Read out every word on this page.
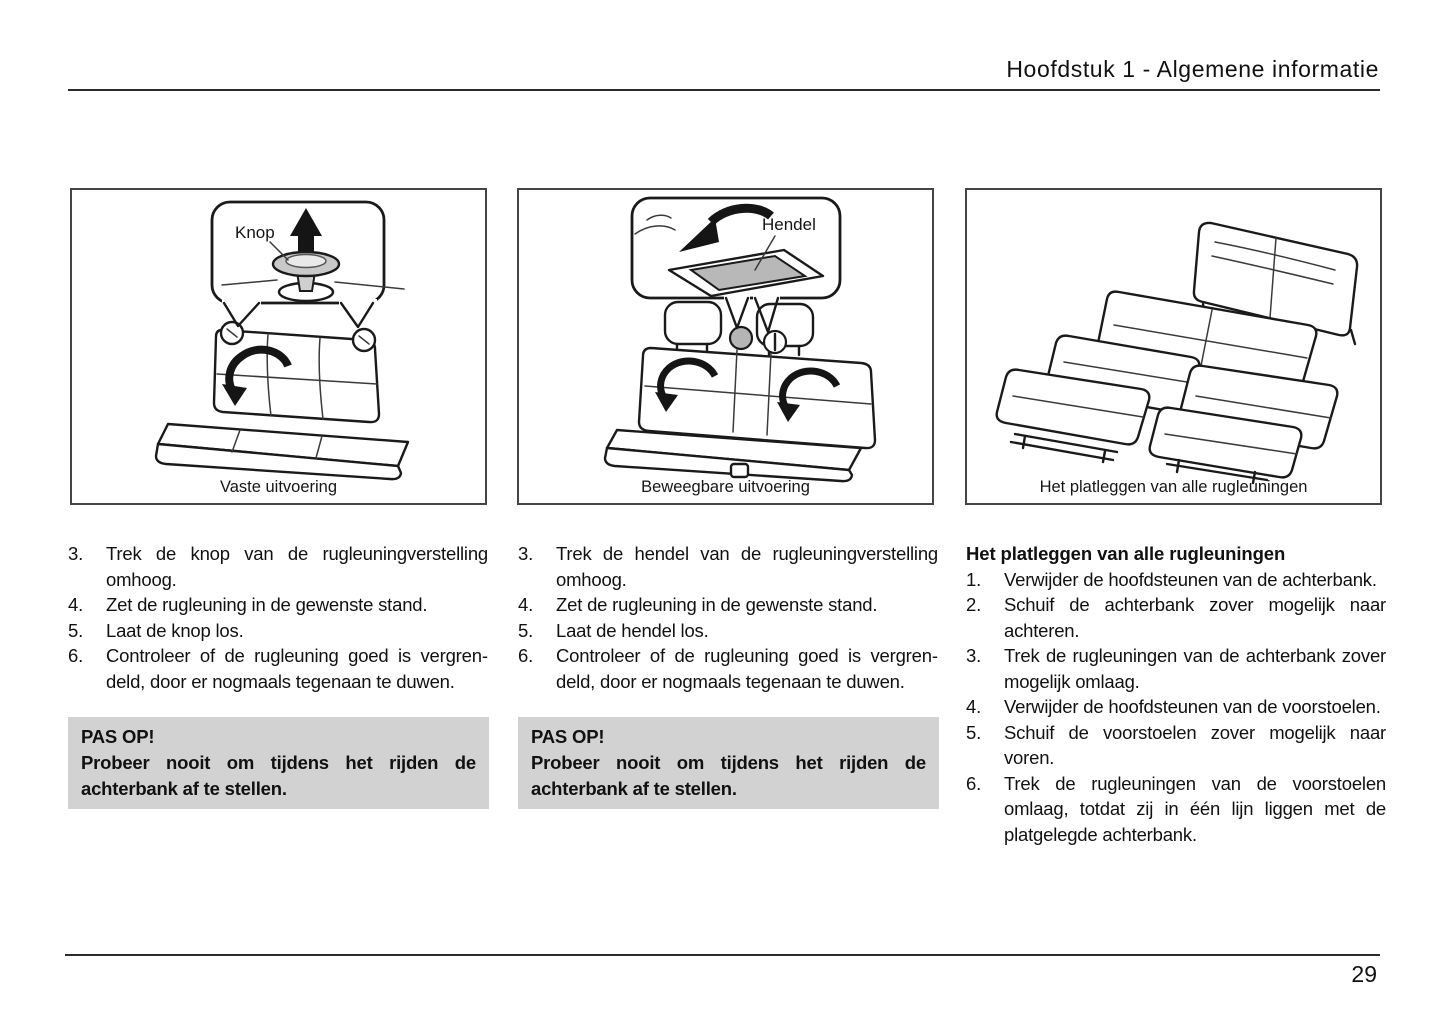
Hoofdstuk 1 - Algemene informatie
Knop
Vaste uitvoering
Hendel
Beweegbare uitvoering	Het platleggen van alle rugleuningen
3.	Trek de knop van de rugleuningverstelling omhoog.
4.	Zet de rugleuning in de gewenste stand.
5.	Laat de knop los.
6.	Controleer of de rugleuning goed is vergrendeld, door er nogmaals tegenaan te duwen.
3.	Trek de hendel van de rugleuningverstelling omhoog.
4.	Zet de rugleuning in de gewenste stand.
5.	Laat de hendel los.
6.	Controleer of de rugleuning goed is vergrendeld, door er nogmaals tegenaan te duwen.
Het platleggen van alle rugleuningen
1.	Verwijder de hoofdsteunen van de achterbank.
2.	Schuif de achterbank zover mogelijk naar achteren.
3.	Trek de rugleuningen van de achterbank zover mogelijk omlaag.
4.	Verwijder de hoofdsteunen van de voorstoelen.
5.	Schuif de voorstoelen zover mogelijk naar voren.
6.	Trek de rugleuningen van de voorstoelen omlaag, totdat zij in één lijn liggen met de platgelegde achterbank.
PAS OP!
Probeer nooit om tijdens het rijden de achterbank af te stellen.
PAS OP!
Probeer nooit om tijdens het rijden de achterbank af te stellen.
29
